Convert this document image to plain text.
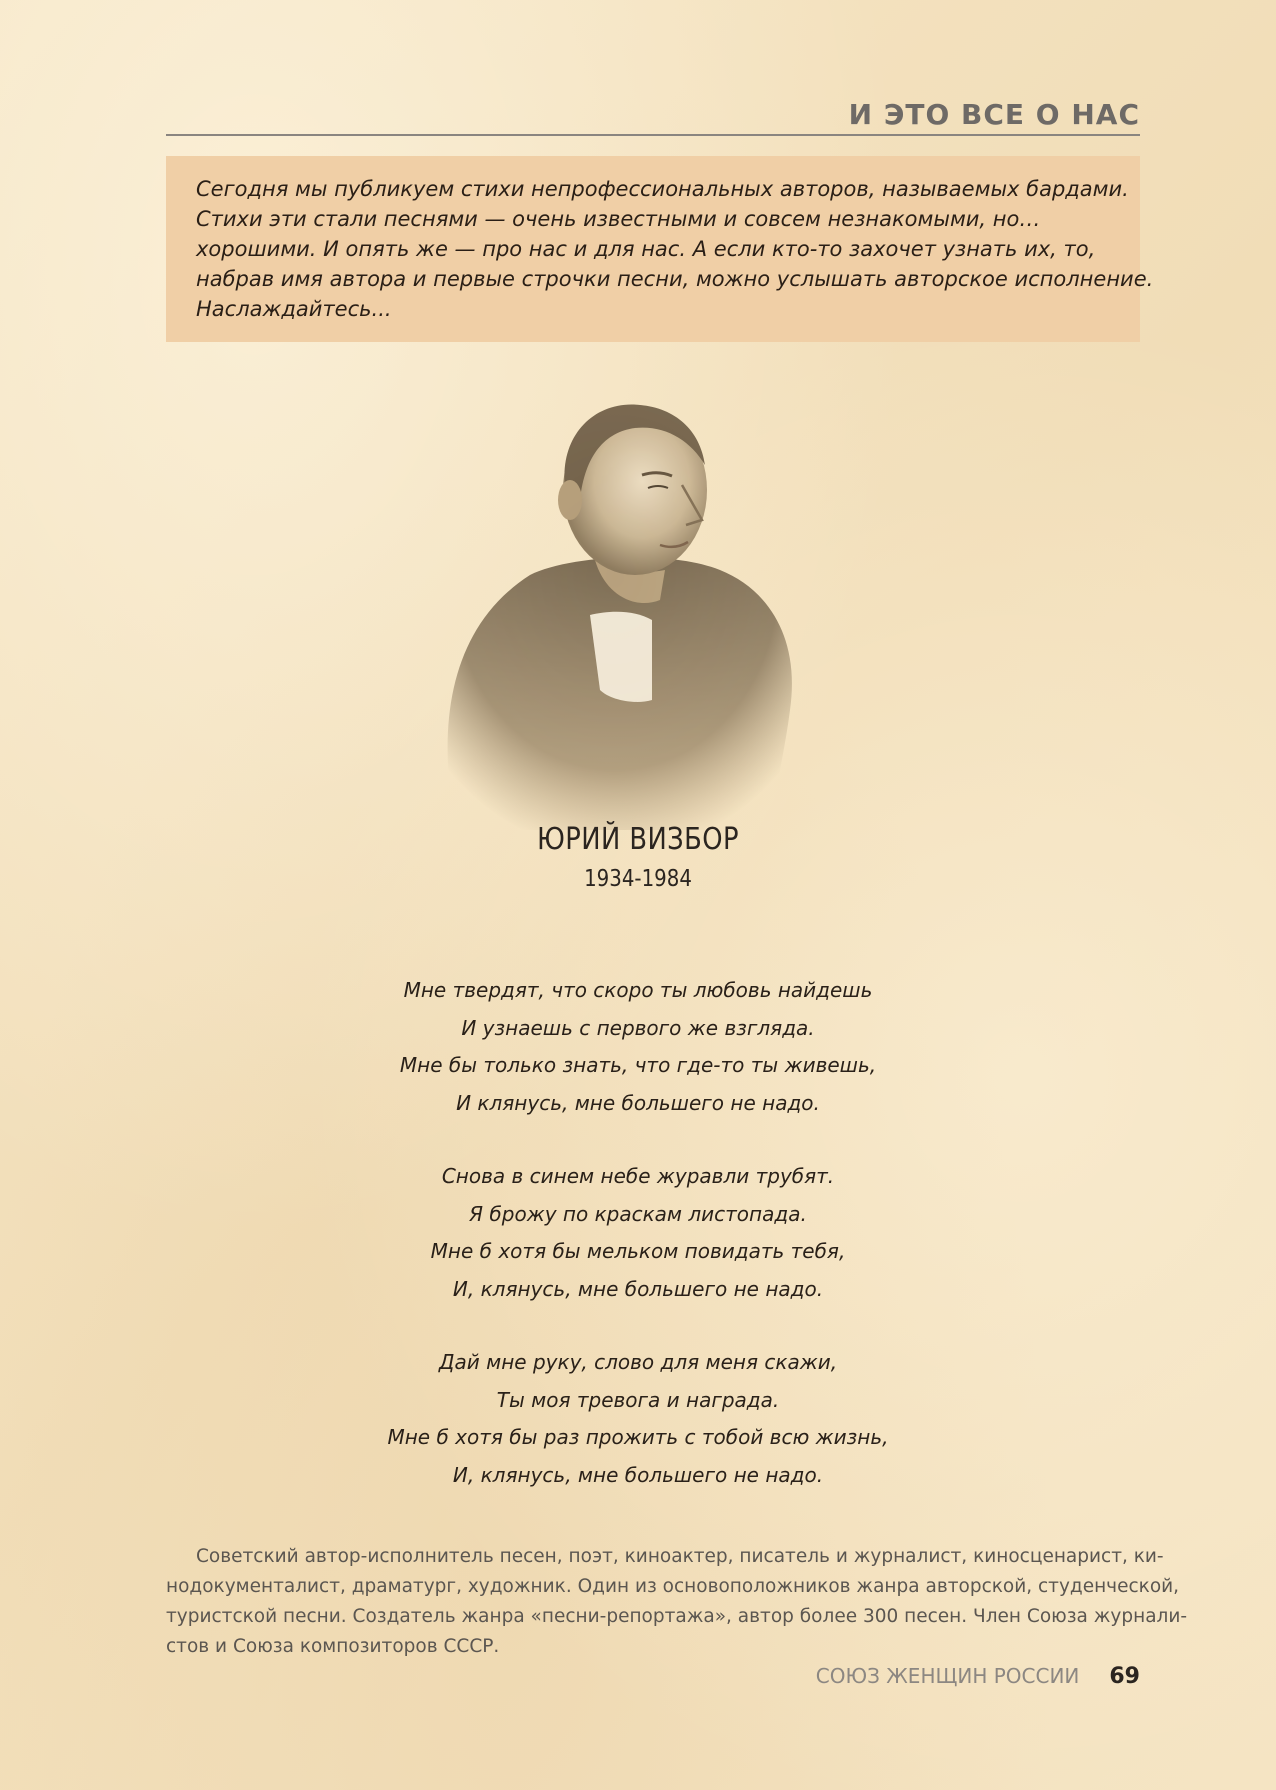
И ЭТО ВСЕ О НАС
Сегодня мы публикуем стихи непрофессиональных авторов, называемых бардами.
Стихи эти стали песнями — очень известными и совсем незнакомыми, но…
хорошими. И опять же — про нас и для нас. А если кто-то захочет узнать их, то,
набрав имя автора и первые строчки песни, можно услышать авторское исполнение.
Наслаждайтесь...
ЮРИЙ ВИЗБОР
1934-1984
Мне твердят, что скоро ты любовь найдешь
И узнаешь с первого же взгляда.
Мне бы только знать, что где-то ты живешь,
И клянусь, мне большего не надо.
Снова в синем небе журавли трубят.
Я брожу по краскам листопада.
Мне б хотя бы мельком повидать тебя,
И, клянусь, мне большего не надо.
Дай мне руку, слово для меня скажи,
Ты моя тревога и награда.
Мне б хотя бы раз прожить с тобой всю жизнь,
И, клянусь, мне большего не надо.
Советский автор-исполнитель песен, поэт, киноактер, писатель и журналист, киносценарист, ки-
нодокументалист, драматург, художник. Один из основоположников жанра авторской, студенческой,
туристской песни. Создатель жанра «песни-репортажа», автор более 300 песен. Член Союза журнали-
стов и Союза композиторов СССР.
СОЮЗ ЖЕНЩИН РОССИИ 69
